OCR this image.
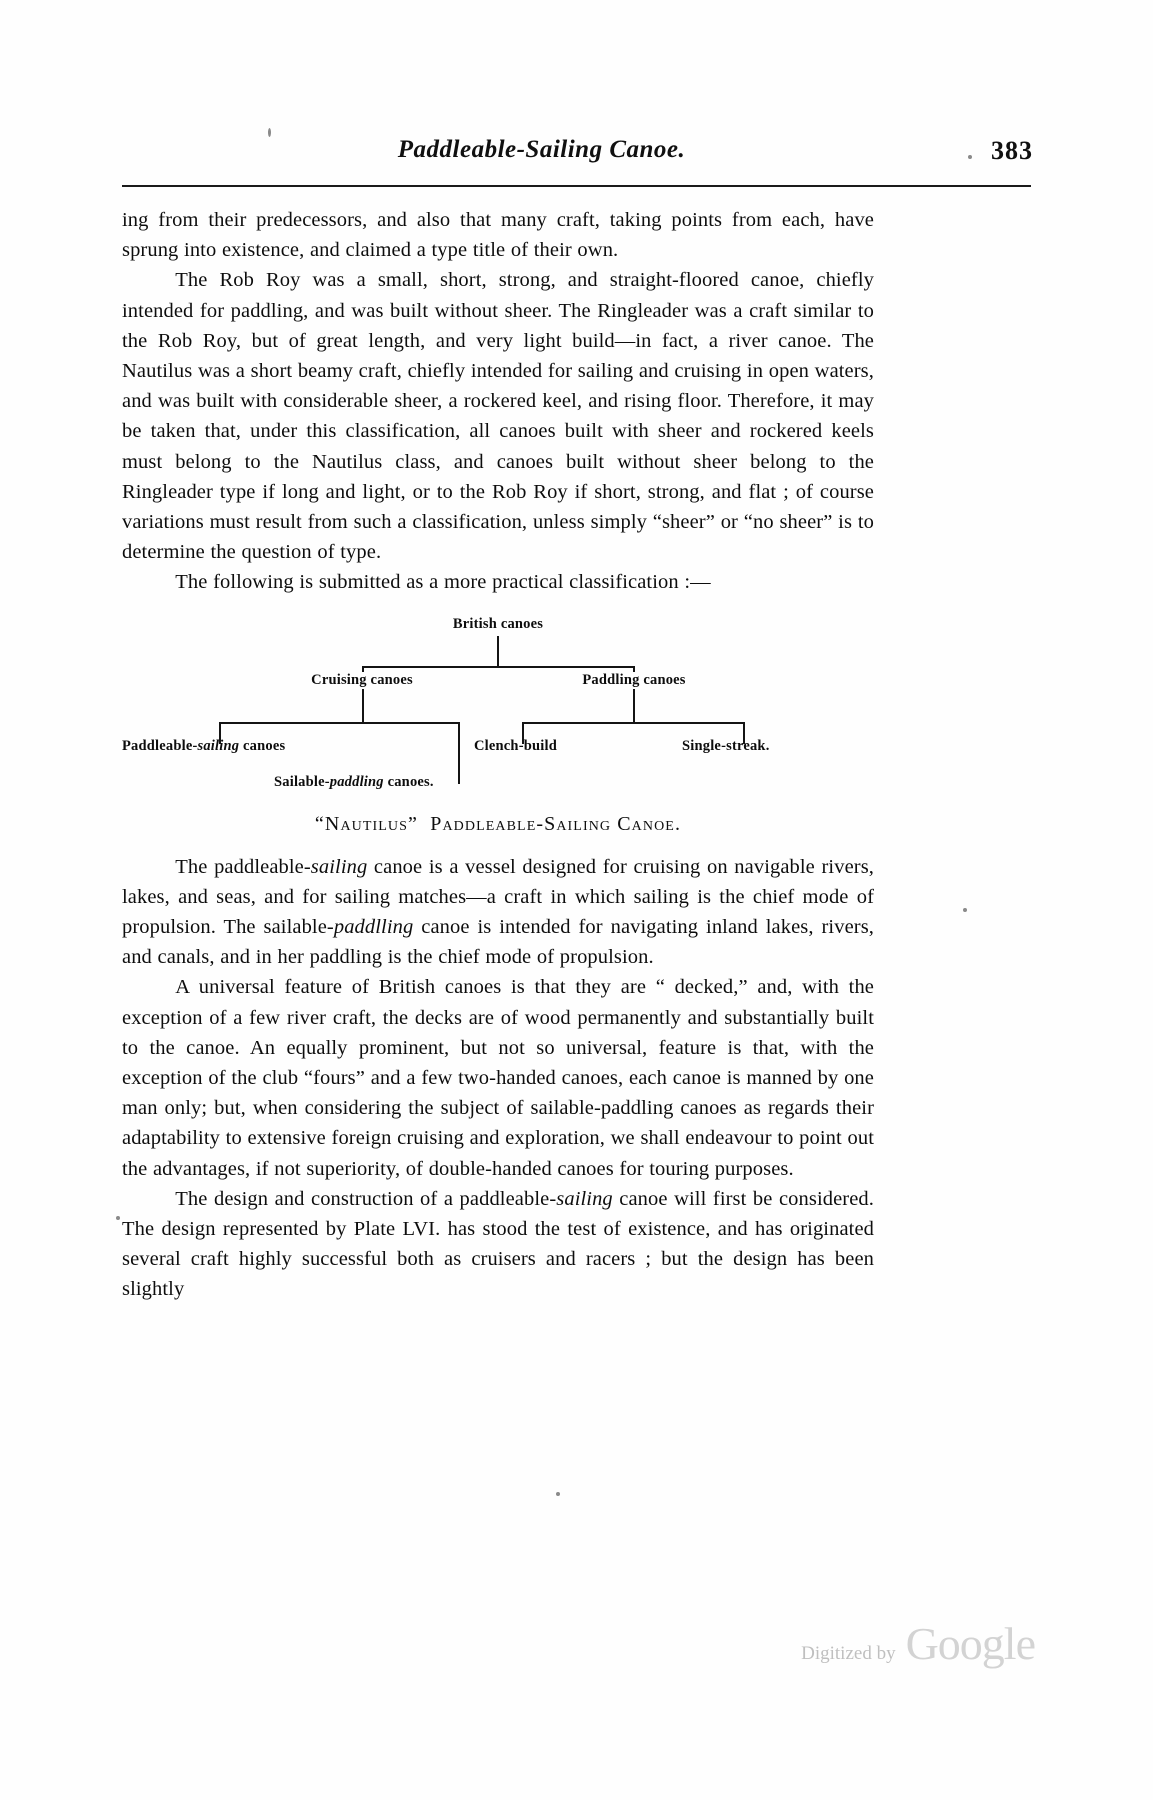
Paddleable-Sailing Canoe.	383

ing from their predecessors, and also that many craft, taking points from each, have sprung into existence, and claimed a type title of their own.

The Rob Roy was a small, short, strong, and straight-floored canoe, chiefly intended for paddling, and was built without sheer. The Ringleader was a craft similar to the Rob Roy, but of great length, and very light build—in fact, a river canoe. The Nautilus was a short beamy craft, chiefly intended for sailing and cruising in open waters, and was built with considerable sheer, a rockered keel, and rising floor. Therefore, it may be taken that, under this classification, all canoes built with sheer and rockered keels must belong to the Nautilus class, and canoes built without sheer belong to the Ringleader type if long and light, or to the Rob Roy if short, strong, and flat ; of course variations must result from such a classification, unless simply “sheer” or “no sheer” is to determine the question of type.

The following is submitted as a more practical classification :—

British canoes
Cruising canoes	Paddling canoes
Paddleable-sailing canoes	Clench-build	Single-streak.
Sailable-paddling canoes.
“Nautilus” Paddleable-Sailing Canoe.

The paddleable-sailing canoe is a vessel designed for cruising on navigable rivers, lakes, and seas, and for sailing matches—a craft in which sailing is the chief mode of propulsion. The sailable-paddlling canoe is intended for navigating inland lakes, rivers, and canals, and in her paddling is the chief mode of propulsion.

A universal feature of British canoes is that they are “ decked,” and, with the exception of a few river craft, the decks are of wood permanently and substantially built to the canoe. An equally prominent, but not so universal, feature is that, with the exception of the club “fours” and a few two-handed canoes, each canoe is manned by one man only; but, when considering the subject of sailable-paddling canoes as regards their adaptability to extensive foreign cruising and exploration, we shall endeavour to point out the advantages, if not superiority, of double-handed canoes for touring purposes.

The design and construction of a paddleable-sailing canoe will first be considered. The design represented by Plate LVI. has stood the test of existence, and has originated several craft highly successful both as cruisers and racers ; but the design has been slightly

Digitized by Google
